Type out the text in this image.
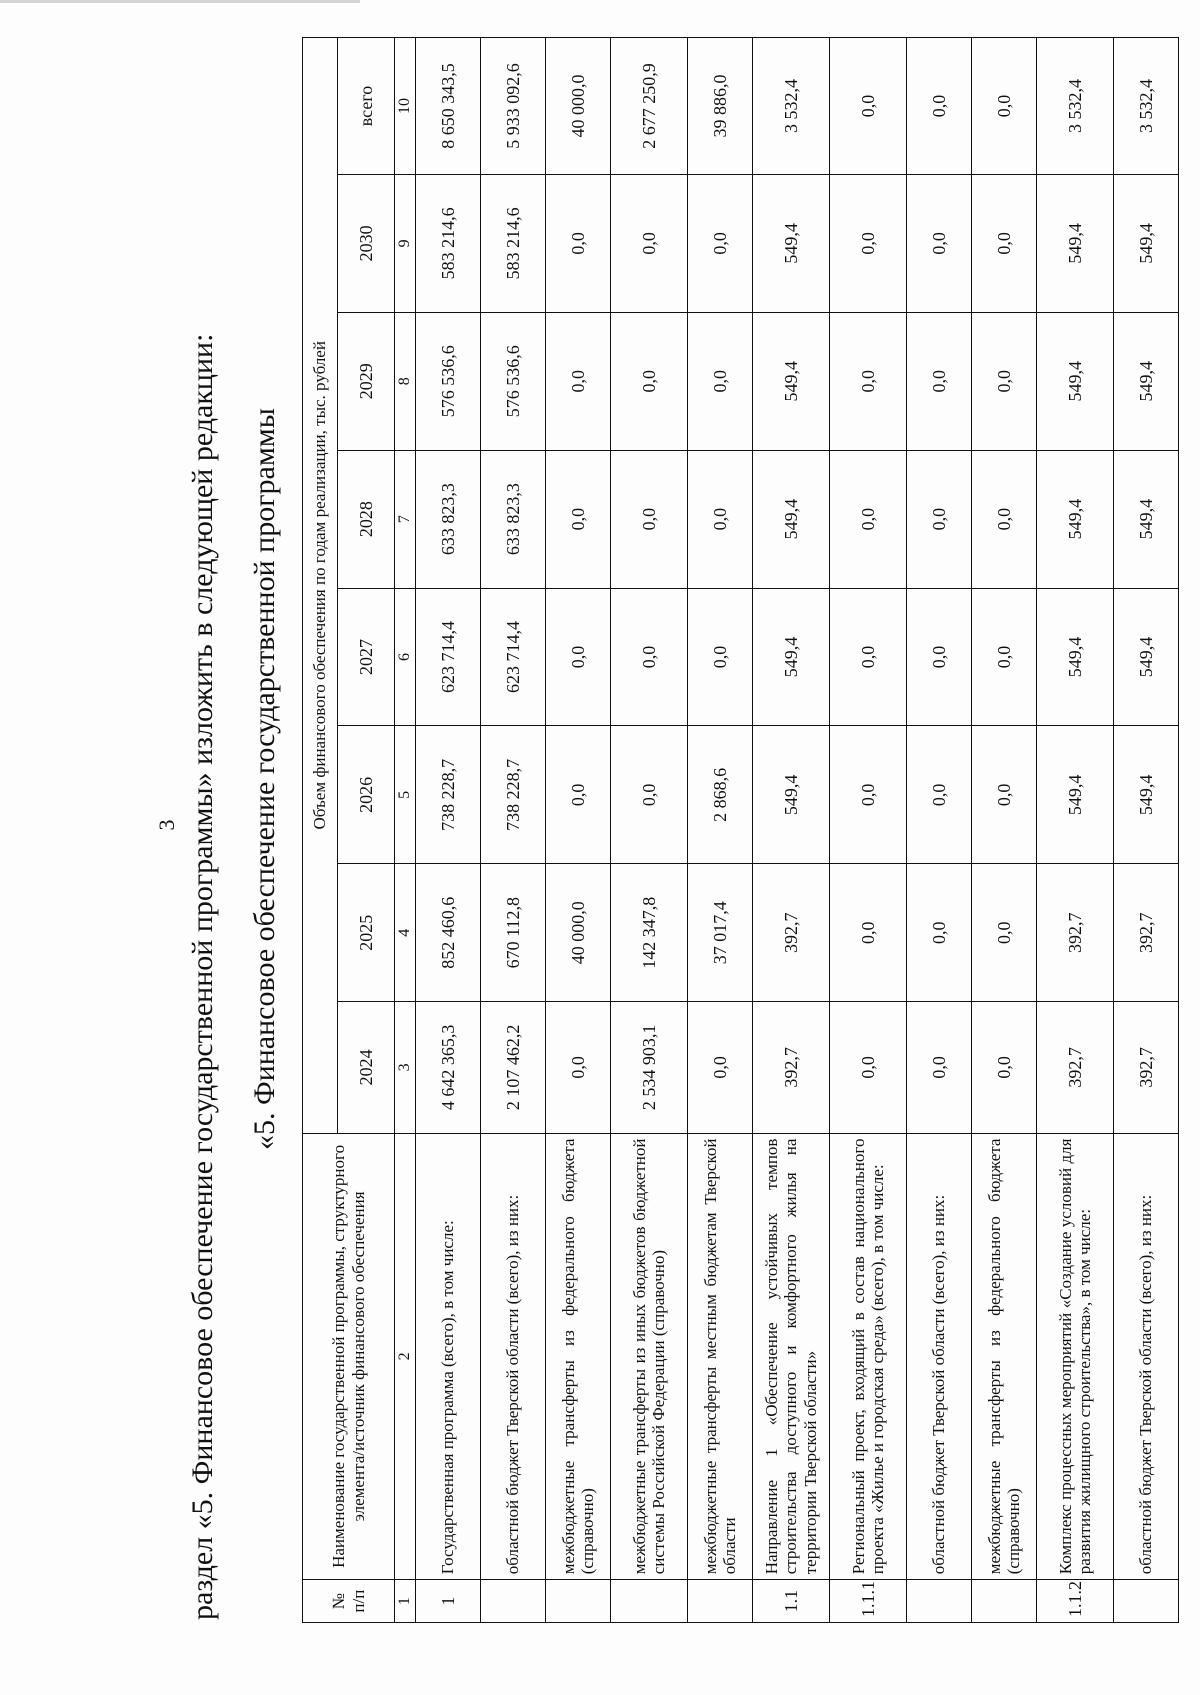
3 раздел «5. Финансовое обеспечение государственной программы» изложить в следующей редакции: «5. Финансовое обеспечение государственной программы
№ п/п	Наименование государственной программы, структурного элемента/источник финансового обеспечения	Объем финансового обеспечения по годам реализации, тыс. рублей							
		2024	2025	2026	2027	2028	2029	2030	всего
1	2	3	4	5	6	7	8	9	10
1	Государственная программа (всего), в том числе:	4 642 365,3	852 460,6	738 228,7	623 714,4	633 823,3	576 536,6	583 214,6	8 650 343,5
	областной бюджет Тверской области (всего), из них:	2 107 462,2	670 112,8	738 228,7	623 714,4	633 823,3	576 536,6	583 214,6	5 933 092,6
	межбюджетные трансферты из федерального бюджета (справочно)	0,0	40 000,0	0,0	0,0	0,0	0,0	0,0	40 000,0
	межбюджетные трансферты из иных бюджетов бюджетной системы Российской Федерации (справочно)	2 534 903,1	142 347,8	0,0	0,0	0,0	0,0	0,0	2 677 250,9
	межбюджетные трансферты местным бюджетам Тверской области	0,0	37 017,4	2 868,6	0,0	0,0	0,0	0,0	39 886,0
1.1	Направление 1 «Обеспечение устойчивых темпов строительства доступного и комфортного жилья на территории Тверской области»	392,7	392,7	549,4	549,4	549,4	549,4	549,4	3 532,4
1.1.1	Региональный проект, входящий в состав национального проекта «Жилье и городская среда» (всего), в том числе:	0,0	0,0	0,0	0,0	0,0	0,0	0,0	0,0
	областной бюджет Тверской области (всего), из них:	0,0	0,0	0,0	0,0	0,0	0,0	0,0	0,0
	межбюджетные трансферты из федерального бюджета (справочно)	0,0	0,0	0,0	0,0	0,0	0,0	0,0	0,0
1.1.2	Комплекс процессных мероприятий «Создание условий для развития жилищного строительства», в том числе:	392,7	392,7	549,4	549,4	549,4	549,4	549,4	3 532,4
	областной бюджет Тверской области (всего), из них:	392,7	392,7	549,4	549,4	549,4	549,4	549,4	3 532,4
